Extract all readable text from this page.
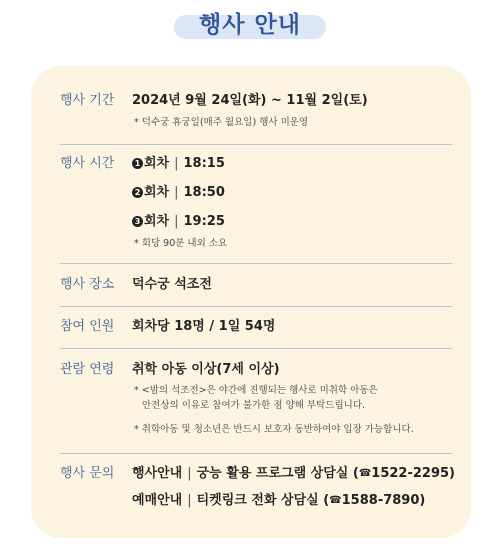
행사 안내
행사 기간	2024년 9월 24일(화) ~ 11월 2일(토)
* 덕수궁 휴궁일(매주 월요일) 행사 미운영
행사 시간	1 회차 | 18:15
2 회차 | 18:50
3 회차 | 19:25
* 회당 90분 내외 소요
행사 장소	덕수궁 석조전
참여 인원	회차당 18명 / 1일 54명
관람 연령	취학 아동 이상(7세 이상)
* <밤의 석조전>은 야간에 진행되는 행사로 미취학 아동은
안전상의 이유로 참여가 불가한 점 양해 부탁드립니다.
* 취학아동 및 청소년은 반드시 보호자 동반하여야 입장 가능합니다.
행사 문의	행사안내 | 궁능 활용 프로그램 상담실 (☎1522-2295)
예매안내 | 티켓링크 전화 상담실 (☎1588-7890)
